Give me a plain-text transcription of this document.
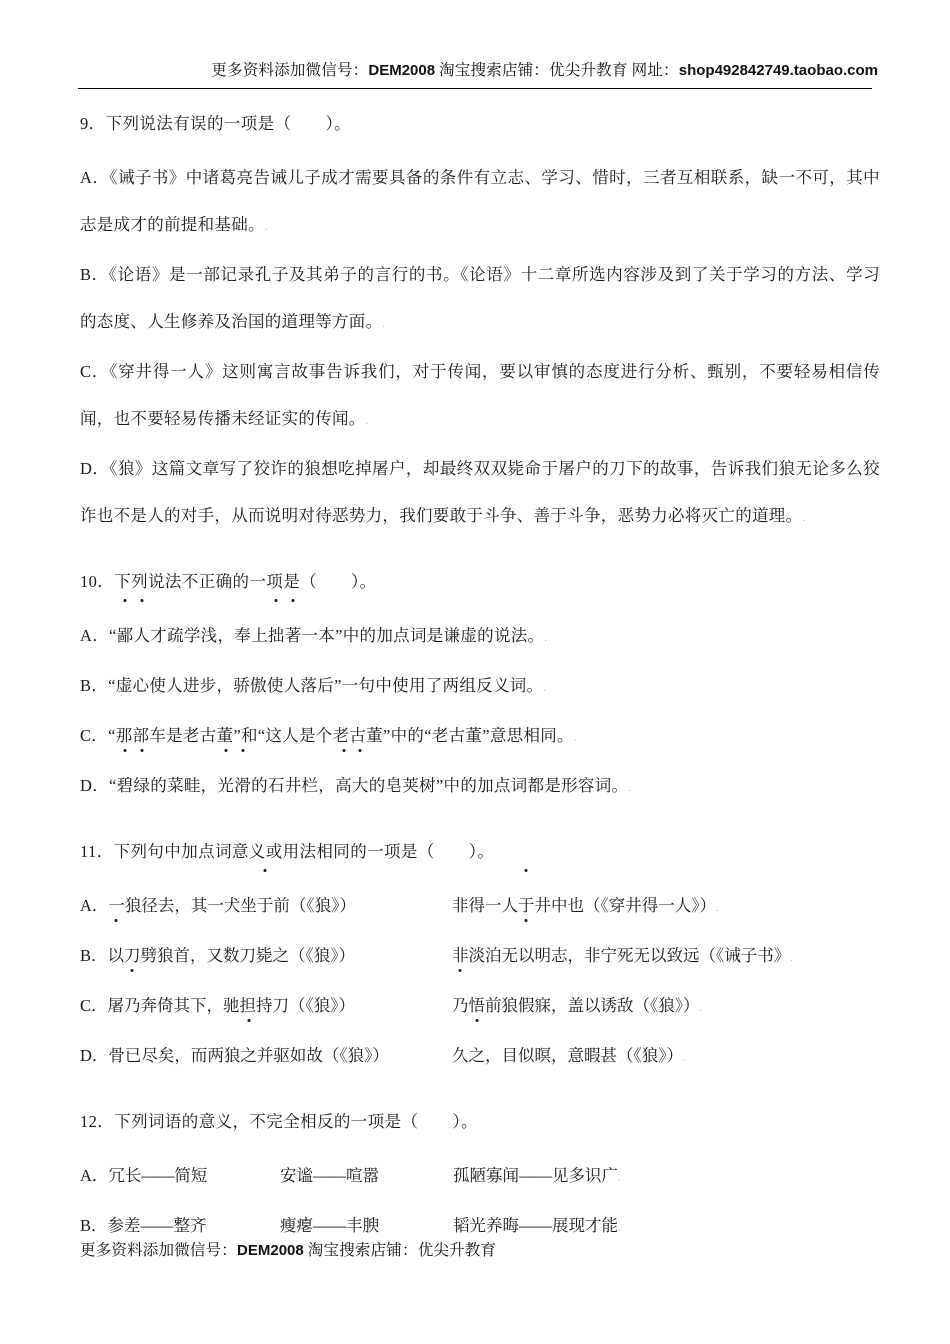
更多资料添加微信号：DEM2008 淘宝搜索店铺：优尖升教育 网址：shop492842749.taobao.com
9．下列说法有误的一项是（ ）。
A．《诫子书》中诸葛亮告诫儿子成才需要具备的条件有立志、学习、惜时，三者互相联系，缺一不可，其中志是成才的前提和基础。.
B．《论语》是一部记录孔子及其弟子的言行的书。《论语》十二章所选内容涉及到了关于学习的方法、学习的态度、人生修养及治国的道理等方面。.
C．《穿井得一人》这则寓言故事告诉我们，对于传闻，要以审慎的态度进行分析、甄别，不要轻易相信传闻，也不要轻易传播未经证实的传闻。.
D．《狼》这篇文章写了狡诈的狼想吃掉屠户，却最终双双毙命于屠户的刀下的故事，告诉我们狼无论多么狡诈也不是人的对手，从而说明对待恶势力，我们要敢于斗争、善于斗争，恶势力必将灭亡的道理。.
10．下列说法不正确的一项是（ ）。
A．“鄙人才疏学浅，奉上拙著一本”中的加点词是谦虚的说法。.
B．“虚心使人进步，骄傲使人落后”一句中使用了两组反义词。.
C．“那部车是老古董”和“这人是个老古董”中的“老古董”意思相同。.
D．“碧绿的菜畦，光滑的石井栏，高大的皂荚树”中的加点词都是形容词。.
11．下列句中加点词意义或用法相同的一项是（ ）。
A．一狼径去，其一犬坐于前（《狼》）	非得一人于井中也（《穿井得一人》）.
B．以刀劈狼首，又数刀毙之（《狼》）	非淡泊无以明志，非宁死无以致远（《诫子书》.
C．屠乃奔倚其下，驰担持刀（《狼》）	乃悟前狼假寐，盖以诱敌（《狼》）.
D．骨已尽矣，而两狼之并驱如故（《狼》）	久之，目似暝，意暇甚（《狼》）.
12．下列词语的意义，不完全相反的一项是（ ）。
A．冗长——简短	安谧——喧嚣	孤陋寡闻——见多识广.
B．参差——整齐	瘦瘪——丰腴	韬光养晦——展现才能.
更多资料添加微信号：DEM2008 淘宝搜索店铺：优尖升教育
